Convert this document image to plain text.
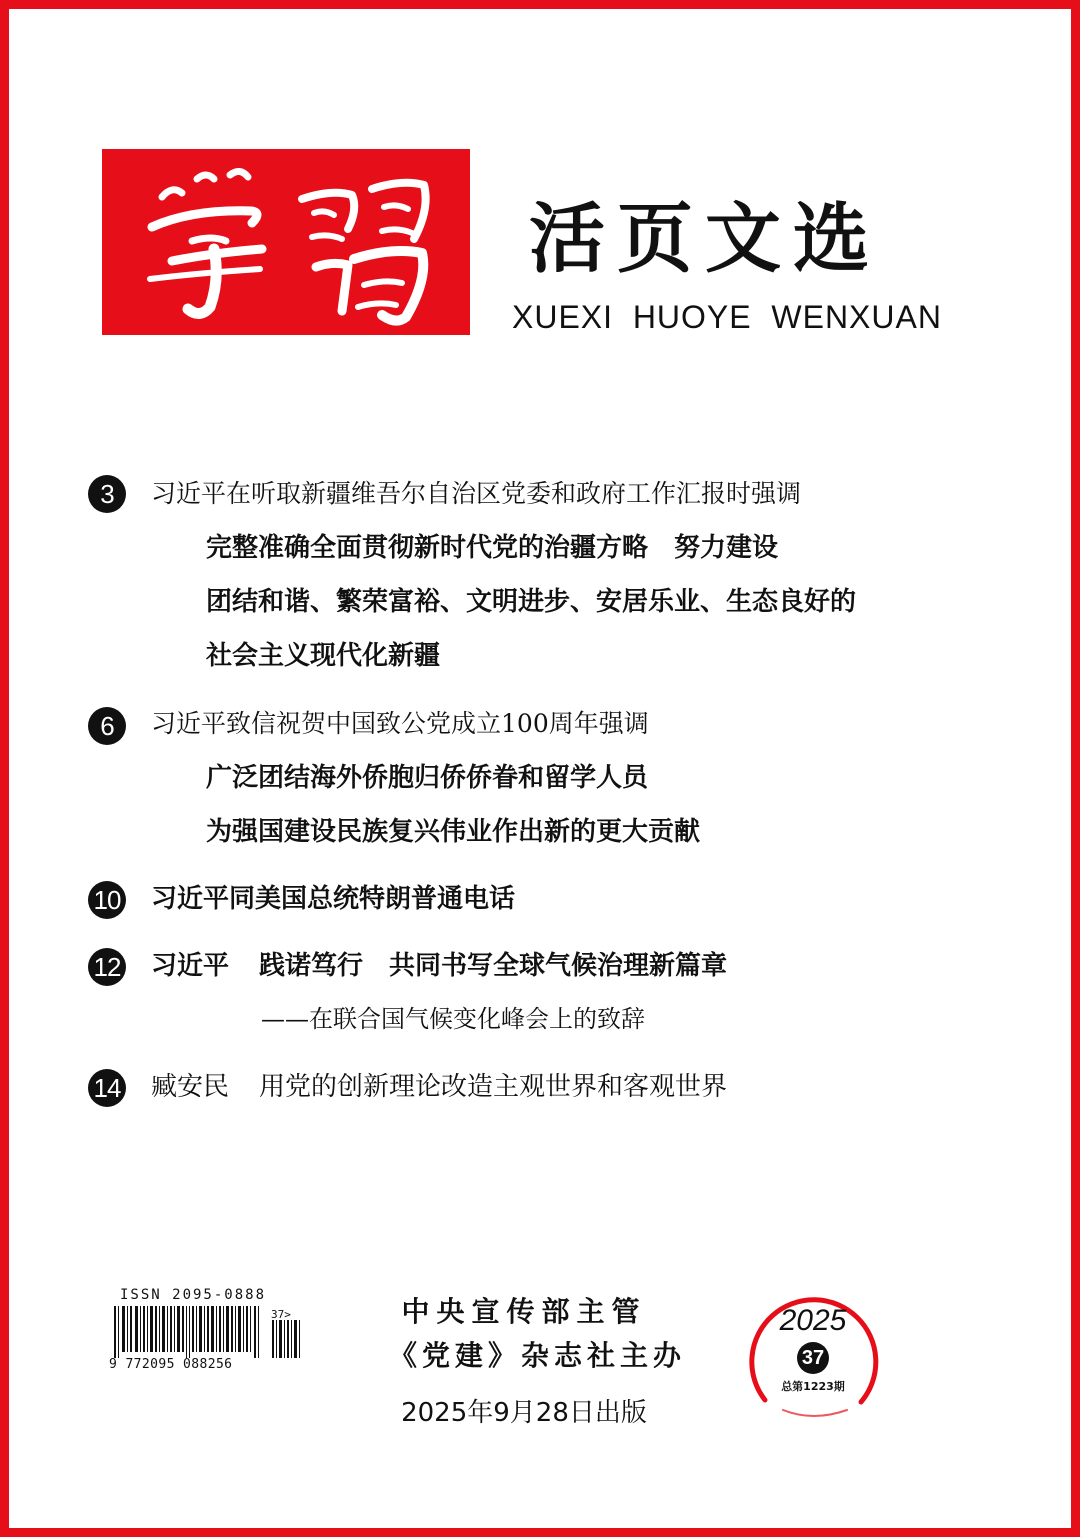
活页文选
XUEXI  HUOYE  WENXUAN
3	习近平在听取新疆维吾尔自治区党委和政府工作汇报时强调
完整准确全面贯彻新时代党的治疆方略　努力建设
团结和谐、繁荣富裕、文明进步、安居乐业、生态良好的
社会主义现代化新疆
6	习近平致信祝贺中国致公党成立100周年强调
广泛团结海外侨胞归侨侨眷和留学人员
为强国建设民族复兴伟业作出新的更大贡献
10 习近平同美国总统特朗普通电话
12 习近平 践诺笃行　共同书写全球气候治理新篇章
——在联合国气候变化峰会上的致辞
14 臧安民 用党的创新理论改造主观世界和客观世界
ISSN 2095-0888
37>
9 772095 088256
中央宣传部主管
《党建》杂志社主办
2025年9月28日出版
2025
37
总第1223期
